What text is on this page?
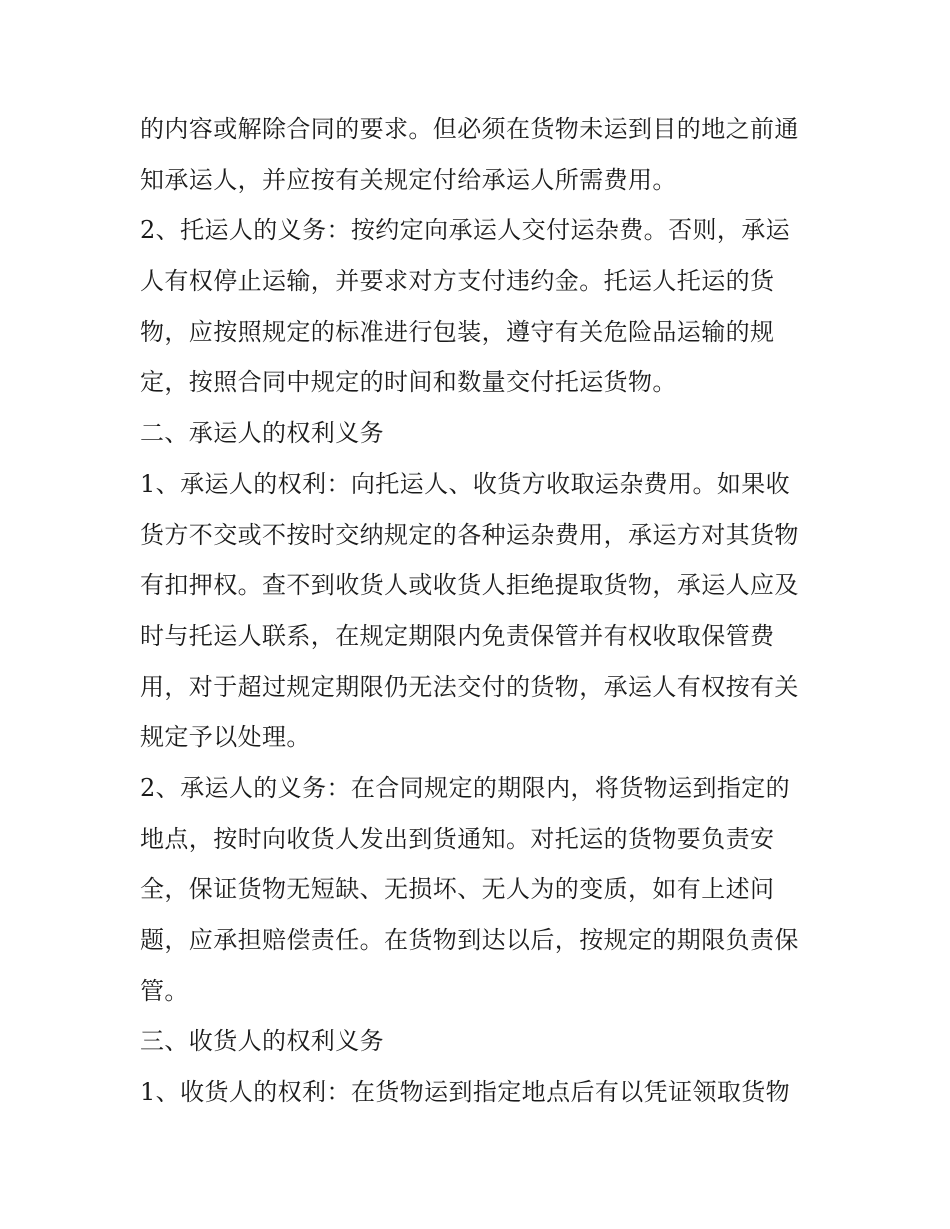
的内容或解除合同的要求。但必须在货物未运到目的地之前通
知承运人，并应按有关规定付给承运人所需费用。
2、托运人的义务：按约定向承运人交付运杂费。否则，承运
人有权停止运输，并要求对方支付违约金。托运人托运的货
物，应按照规定的标准进行包装，遵守有关危险品运输的规
定，按照合同中规定的时间和数量交付托运货物。
二、承运人的权利义务
1、承运人的权利：向托运人、收货方收取运杂费用。如果收
货方不交或不按时交纳规定的各种运杂费用，承运方对其货物
有扣押权。查不到收货人或收货人拒绝提取货物，承运人应及
时与托运人联系，在规定期限内免责保管并有权收取保管费
用，对于超过规定期限仍无法交付的货物，承运人有权按有关
规定予以处理。
2、承运人的义务：在合同规定的期限内，将货物运到指定的
地点，按时向收货人发出到货通知。对托运的货物要负责安
全，保证货物无短缺、无损坏、无人为的变质，如有上述问
题，应承担赔偿责任。在货物到达以后，按规定的期限负责保
管。
三、收货人的权利义务
1、收货人的权利：在货物运到指定地点后有以凭证领取货物
